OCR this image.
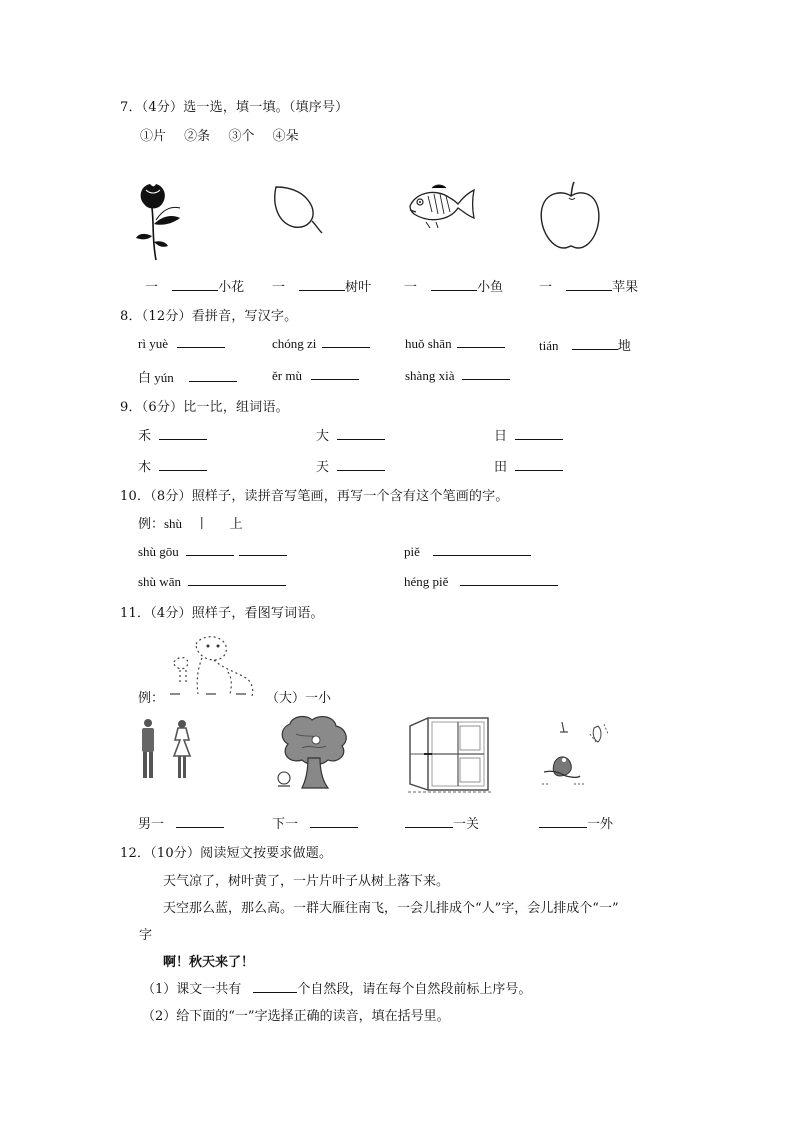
7．（4分）选一选，填一填。（填序号）
①片 ②条 ③个 ④朵
一	小花 一	树叶	一	小鱼	一	苹果
8．（12分）看拼音，写汉字。
rì yuè	chóng zi	huǒ shān	tián	地
白 yún	ěr mù	shàng xià
9．（6分）比一比，组词语。
禾	大	日
木	天	田
10．（8分）照样子，读拼音写笔画，再写一个含有这个笔画的字。
例：shù 丨 上
shù gōu	piě
shù wān	héng piě
11．（4分）照样子，看图写词语。
例：	（大）一小
男一	下一	一关	一外
12．（10分）阅读短文按要求做题。
天气凉了，树叶黄了，一片片叶子从树上落下来。
天空那么蓝，那么高。一群大雁往南飞，一会儿排成个“人”字，会儿排成个“一”
字
啊！秋天来了！
（1）课文一共有	个自然段，请在每个自然段前标上序号。
（2）给下面的“一”字选择正确的读音，填在括号里。
